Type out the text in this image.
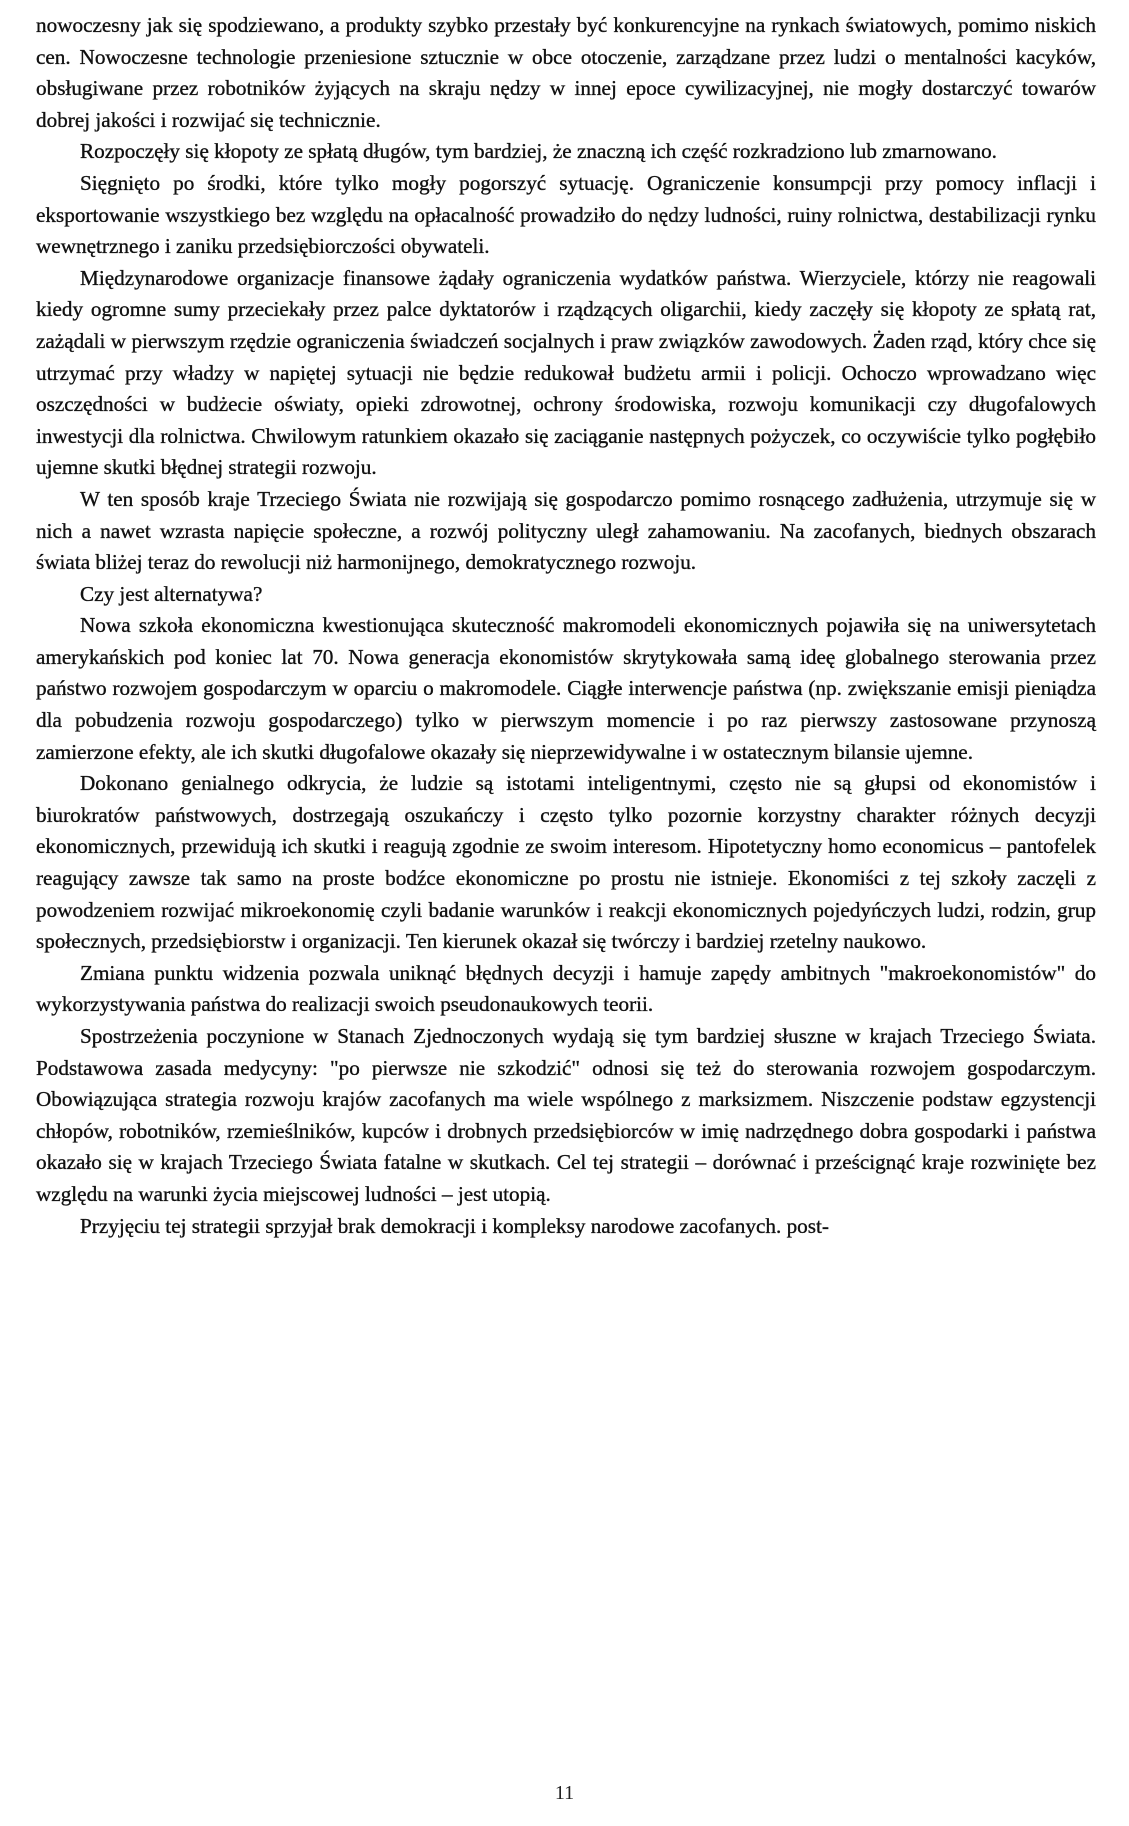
nowoczesny jak się spodziewano, a produkty szybko przestały być konkurencyjne na rynkach światowych, pomimo niskich cen. Nowoczesne technologie przeniesione sztucznie w obce otoczenie, zarządzane przez ludzi o mentalności kacyków, obsługiwane przez robotników żyjących na skraju nędzy w innej epoce cywilizacyjnej, nie mogły dostarczyć towarów dobrej jakości i rozwijać się technicznie.

Rozpoczęły się kłopoty ze spłatą długów, tym bardziej, że znaczną ich część rozkradziono lub zmarnowano.

Sięgnięto po środki, które tylko mogły pogorszyć sytuację. Ograniczenie konsumpcji przy pomocy inflacji i eksportowanie wszystkiego bez względu na opłacalność prowadziło do nędzy ludności, ruiny rolnictwa, destabilizacji rynku wewnętrznego i zaniku przedsiębiorczości obywateli.

Międzynarodowe organizacje finansowe żądały ograniczenia wydatków państwa. Wierzyciele, którzy nie reagowali kiedy ogromne sumy przeciekały przez palce dyktatorów i rządzących oligarchii, kiedy zaczęły się kłopoty ze spłatą rat, zażądali w pierwszym rzędzie ograniczenia świadczeń socjalnych i praw związków zawodowych. Żaden rząd, który chce się utrzymać przy władzy w napiętej sytuacji nie będzie redukował budżetu armii i policji. Ochoczo wprowadzano więc oszczędności w budżecie oświaty, opieki zdrowotnej, ochrony środowiska, rozwoju komunikacji czy długofalowych inwestycji dla rolnictwa. Chwilowym ratunkiem okazało się zaciąganie następnych pożyczek, co oczywiście tylko pogłębiło ujemne skutki błędnej strategii rozwoju.

W ten sposób kraje Trzeciego Świata nie rozwijają się gospodarczo pomimo rosnącego zadłużenia, utrzymuje się w nich a nawet wzrasta napięcie społeczne, a rozwój polityczny uległ zahamowaniu. Na zacofanych, biednych obszarach świata bliżej teraz do rewolucji niż harmonijnego, demokratycznego rozwoju.

Czy jest alternatywa?

Nowa szkoła ekonomiczna kwestionująca skuteczność makromodeli ekonomicznych pojawiła się na uniwersytetach amerykańskich pod koniec lat 70. Nowa generacja ekonomistów skrytykowała samą ideę globalnego sterowania przez państwo rozwojem gospodarczym w oparciu o makromodele. Ciągłe interwencje państwa (np. zwiększanie emisji pieniądza dla pobudzenia rozwoju gospodarczego) tylko w pierwszym momencie i po raz pierwszy zastosowane przynoszą zamierzone efekty, ale ich skutki długofalowe okazały się nieprzewidywalne i w ostatecznym bilansie ujemne.

Dokonano genialnego odkrycia, że ludzie są istotami inteligentnymi, często nie są głupsi od ekonomistów i biurokratów państwowych, dostrzegają oszukańczy i często tylko pozornie korzystny charakter różnych decyzji ekonomicznych, przewidują ich skutki i reagują zgodnie ze swoim interesom. Hipotetyczny homo economicus – pantofelek reagujący zawsze tak samo na proste bodźce ekonomiczne po prostu nie istnieje. Ekonomiści z tej szkoły zaczęli z powodzeniem rozwijać mikroekonomię czyli badanie warunków i reakcji ekonomicznych pojedyńczych ludzi, rodzin, grup społecznych, przedsiębiorstw i organizacji. Ten kierunek okazał się twórczy i bardziej rzetelny naukowo.

Zmiana punktu widzenia pozwala uniknąć błędnych decyzji i hamuje zapędy ambitnych "makroekonomistów" do wykorzystywania państwa do realizacji swoich pseudonaukowych teorii.

Spostrzeżenia poczynione w Stanach Zjednoczonych wydają się tym bardziej słuszne w krajach Trzeciego Świata. Podstawowa zasada medycyny: "po pierwsze nie szkodzić" odnosi się też do sterowania rozwojem gospodarczym. Obowiązująca strategia rozwoju krajów zacofanych ma wiele wspólnego z marksizmem. Niszczenie podstaw egzystencji chłopów, robotników, rzemieślników, kupców i drobnych przedsiębiorców w imię nadrzędnego dobra gospodarki i państwa okazało się w krajach Trzeciego Świata fatalne w skutkach. Cel tej strategii – dorównać i prześcignąć kraje rozwinięte bez względu na warunki życia miejscowej ludności – jest utopią.

Przyjęciu tej strategii sprzyjał brak demokracji i kompleksy narodowe zacofanych. post-

11
